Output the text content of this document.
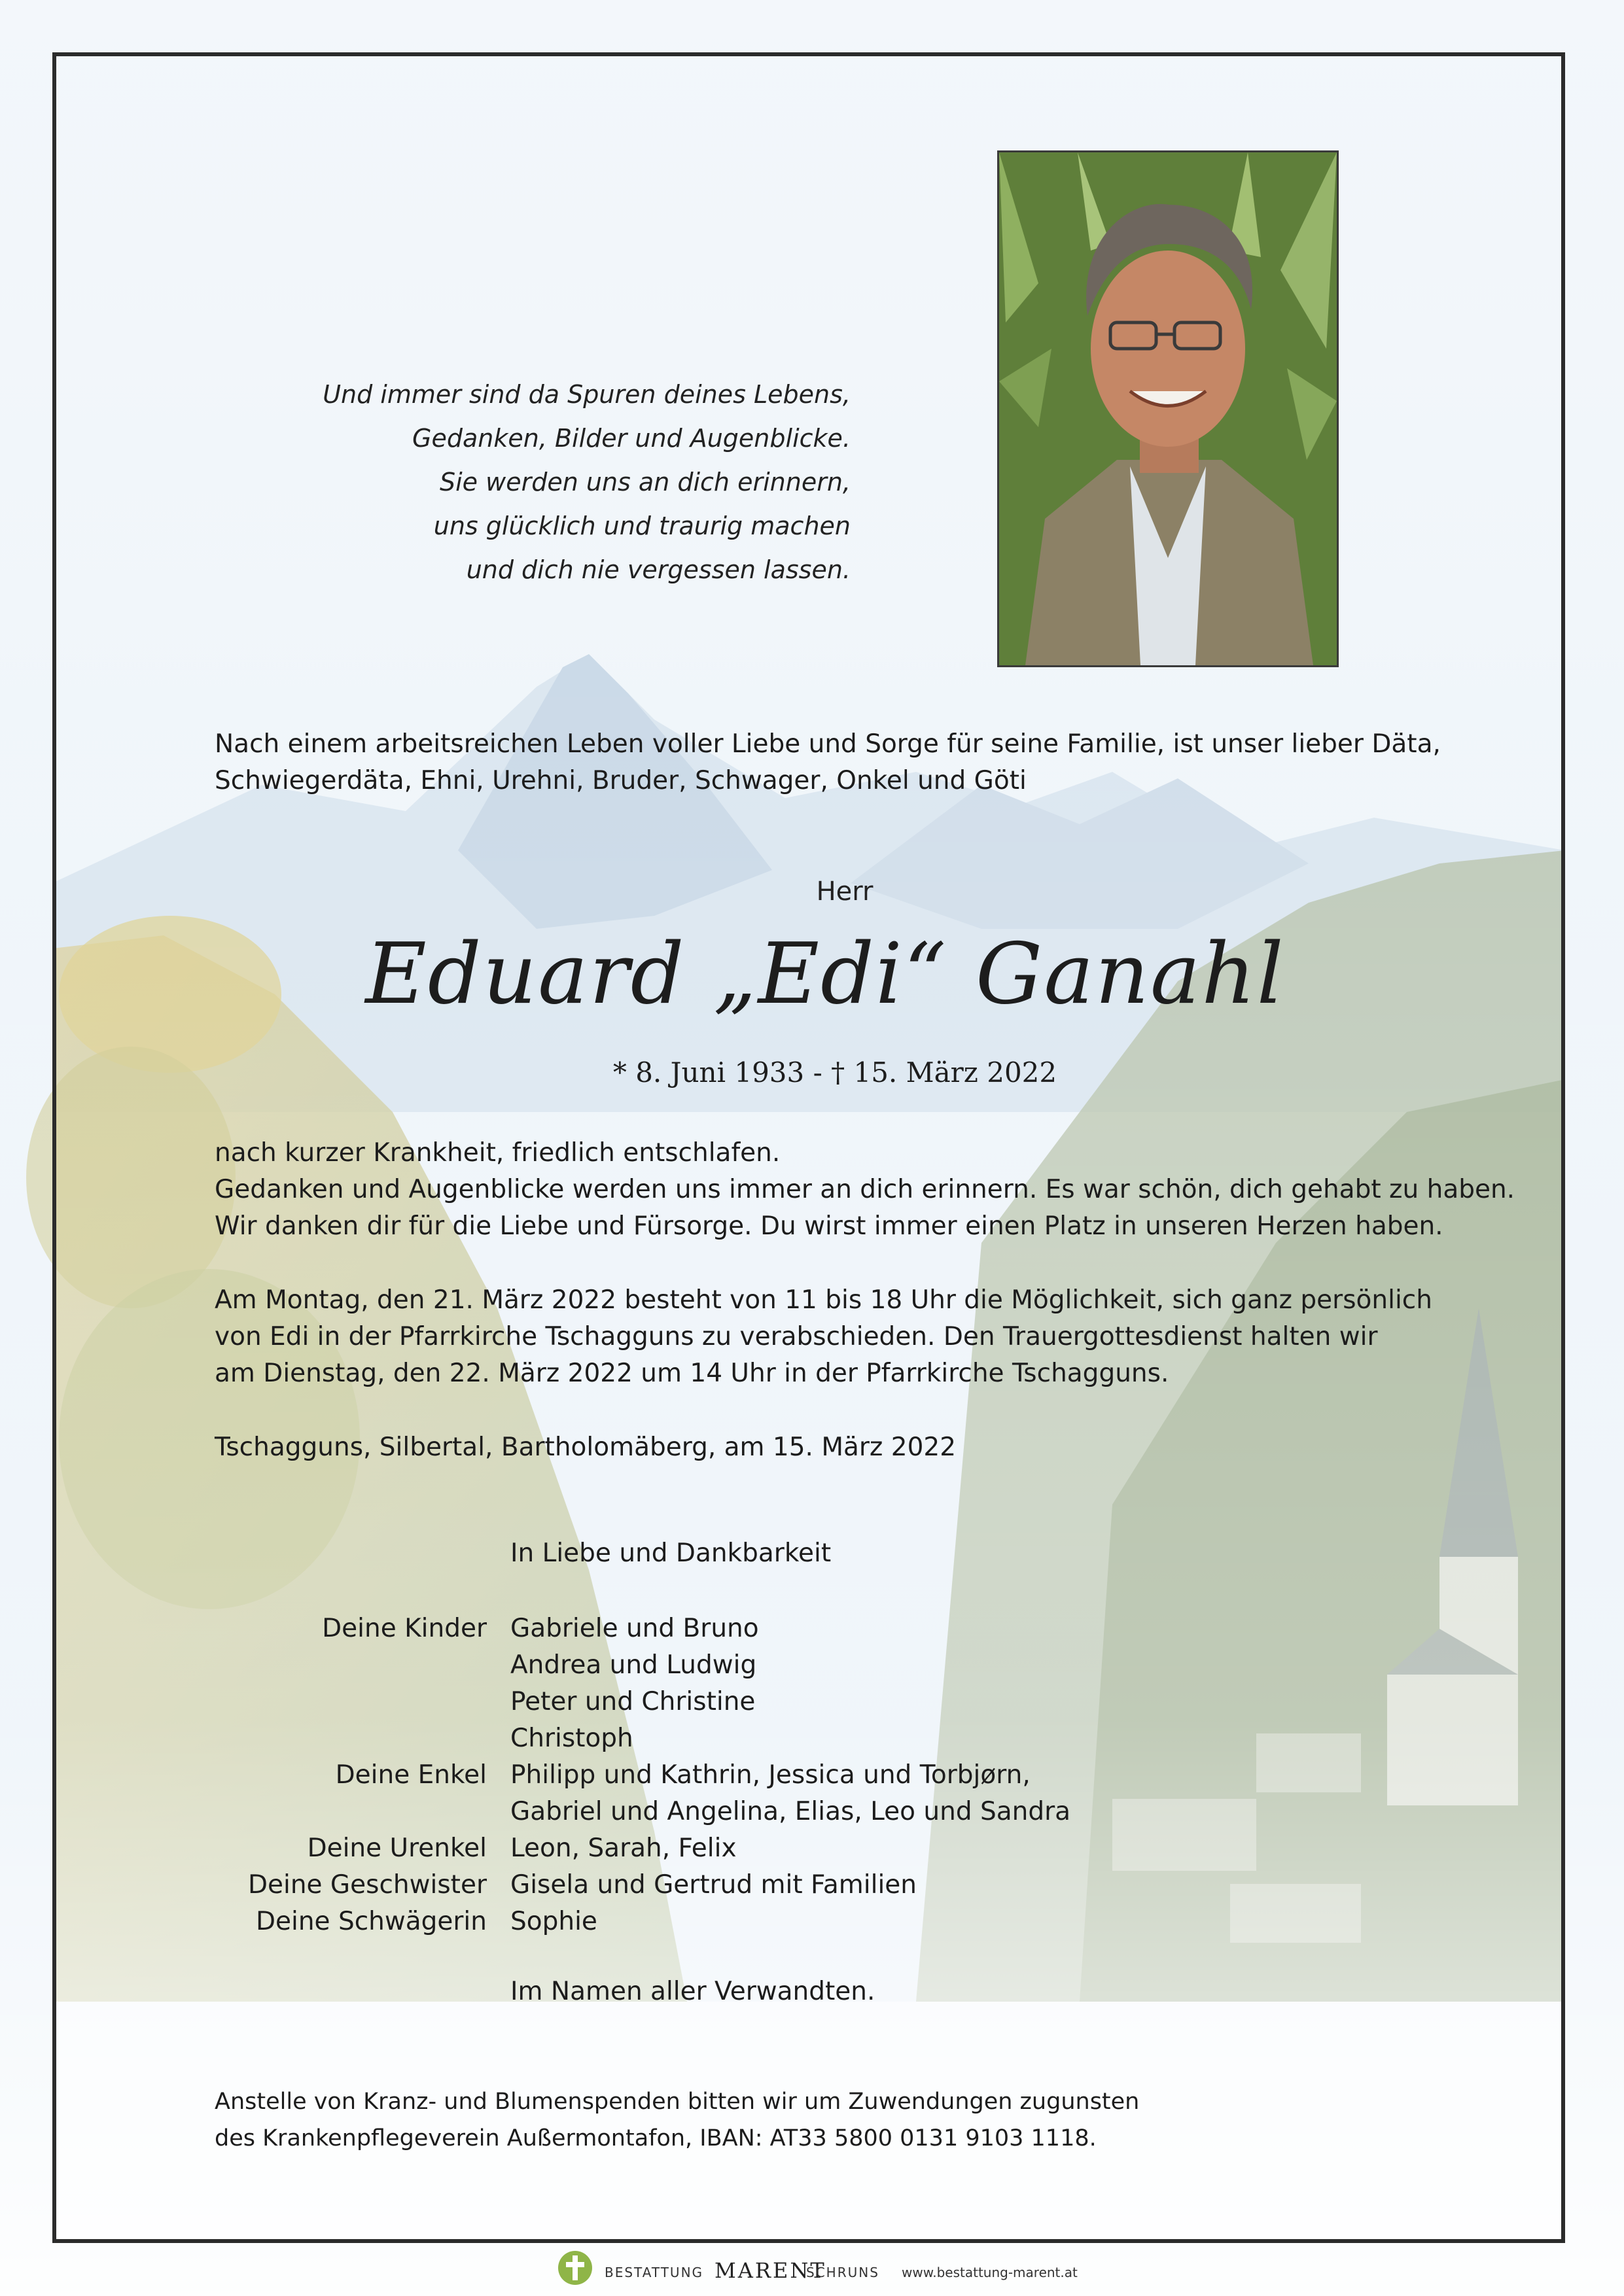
Und immer sind da Spuren deines Lebens,
Gedanken, Bilder und Augenblicke.
Sie werden uns an dich erinnern,
uns glücklich und traurig machen
und dich nie vergessen lassen.
Nach einem arbeitsreichen Leben voller Liebe und Sorge für seine Familie, ist unser lieber Däta,
Schwiegerdäta, Ehni, Urehni, Bruder, Schwager, Onkel und Göti
Herr
Eduard „Edi“ Ganahl
* 8. Juni 1933 - † 15. März 2022
nach kurzer Krankheit, friedlich entschlafen.
Gedanken und Augenblicke werden uns immer an dich erinnern. Es war schön, dich gehabt zu haben.
Wir danken dir für die Liebe und Fürsorge. Du wirst immer einen Platz in unseren Herzen haben.
Am Montag, den 21. März 2022 besteht von 11 bis 18 Uhr die Möglichkeit, sich ganz persönlich
von Edi in der Pfarrkirche Tschagguns zu verabschieden. Den Trauergottesdienst halten wir
am Dienstag, den 22. März 2022 um 14 Uhr in der Pfarrkirche Tschagguns.
Tschagguns, Silbertal, Bartholomäberg, am 15. März 2022
In Liebe und Dankbarkeit
Deine Kinder Gabriele und Bruno
Andrea und Ludwig
Peter und Christine
Christoph
Deine Enkel Philipp und Kathrin, Jessica und Torbjørn,
Gabriel und Angelina, Elias, Leo und Sandra
Deine Urenkel Leon, Sarah, Felix
Deine Geschwister Gisela und Gertrud mit Familien
Deine Schwägerin Sophie
Im Namen aller Verwandten.
Anstelle von Kranz- und Blumenspenden bitten wir um Zuwendungen zugunsten
des Krankenpflegeverein Außermontafon, IBAN: AT33 5800 0131 9103 1118.
BESTATTUNG MARENT
SCHRUNS www.bestattung-marent.at
